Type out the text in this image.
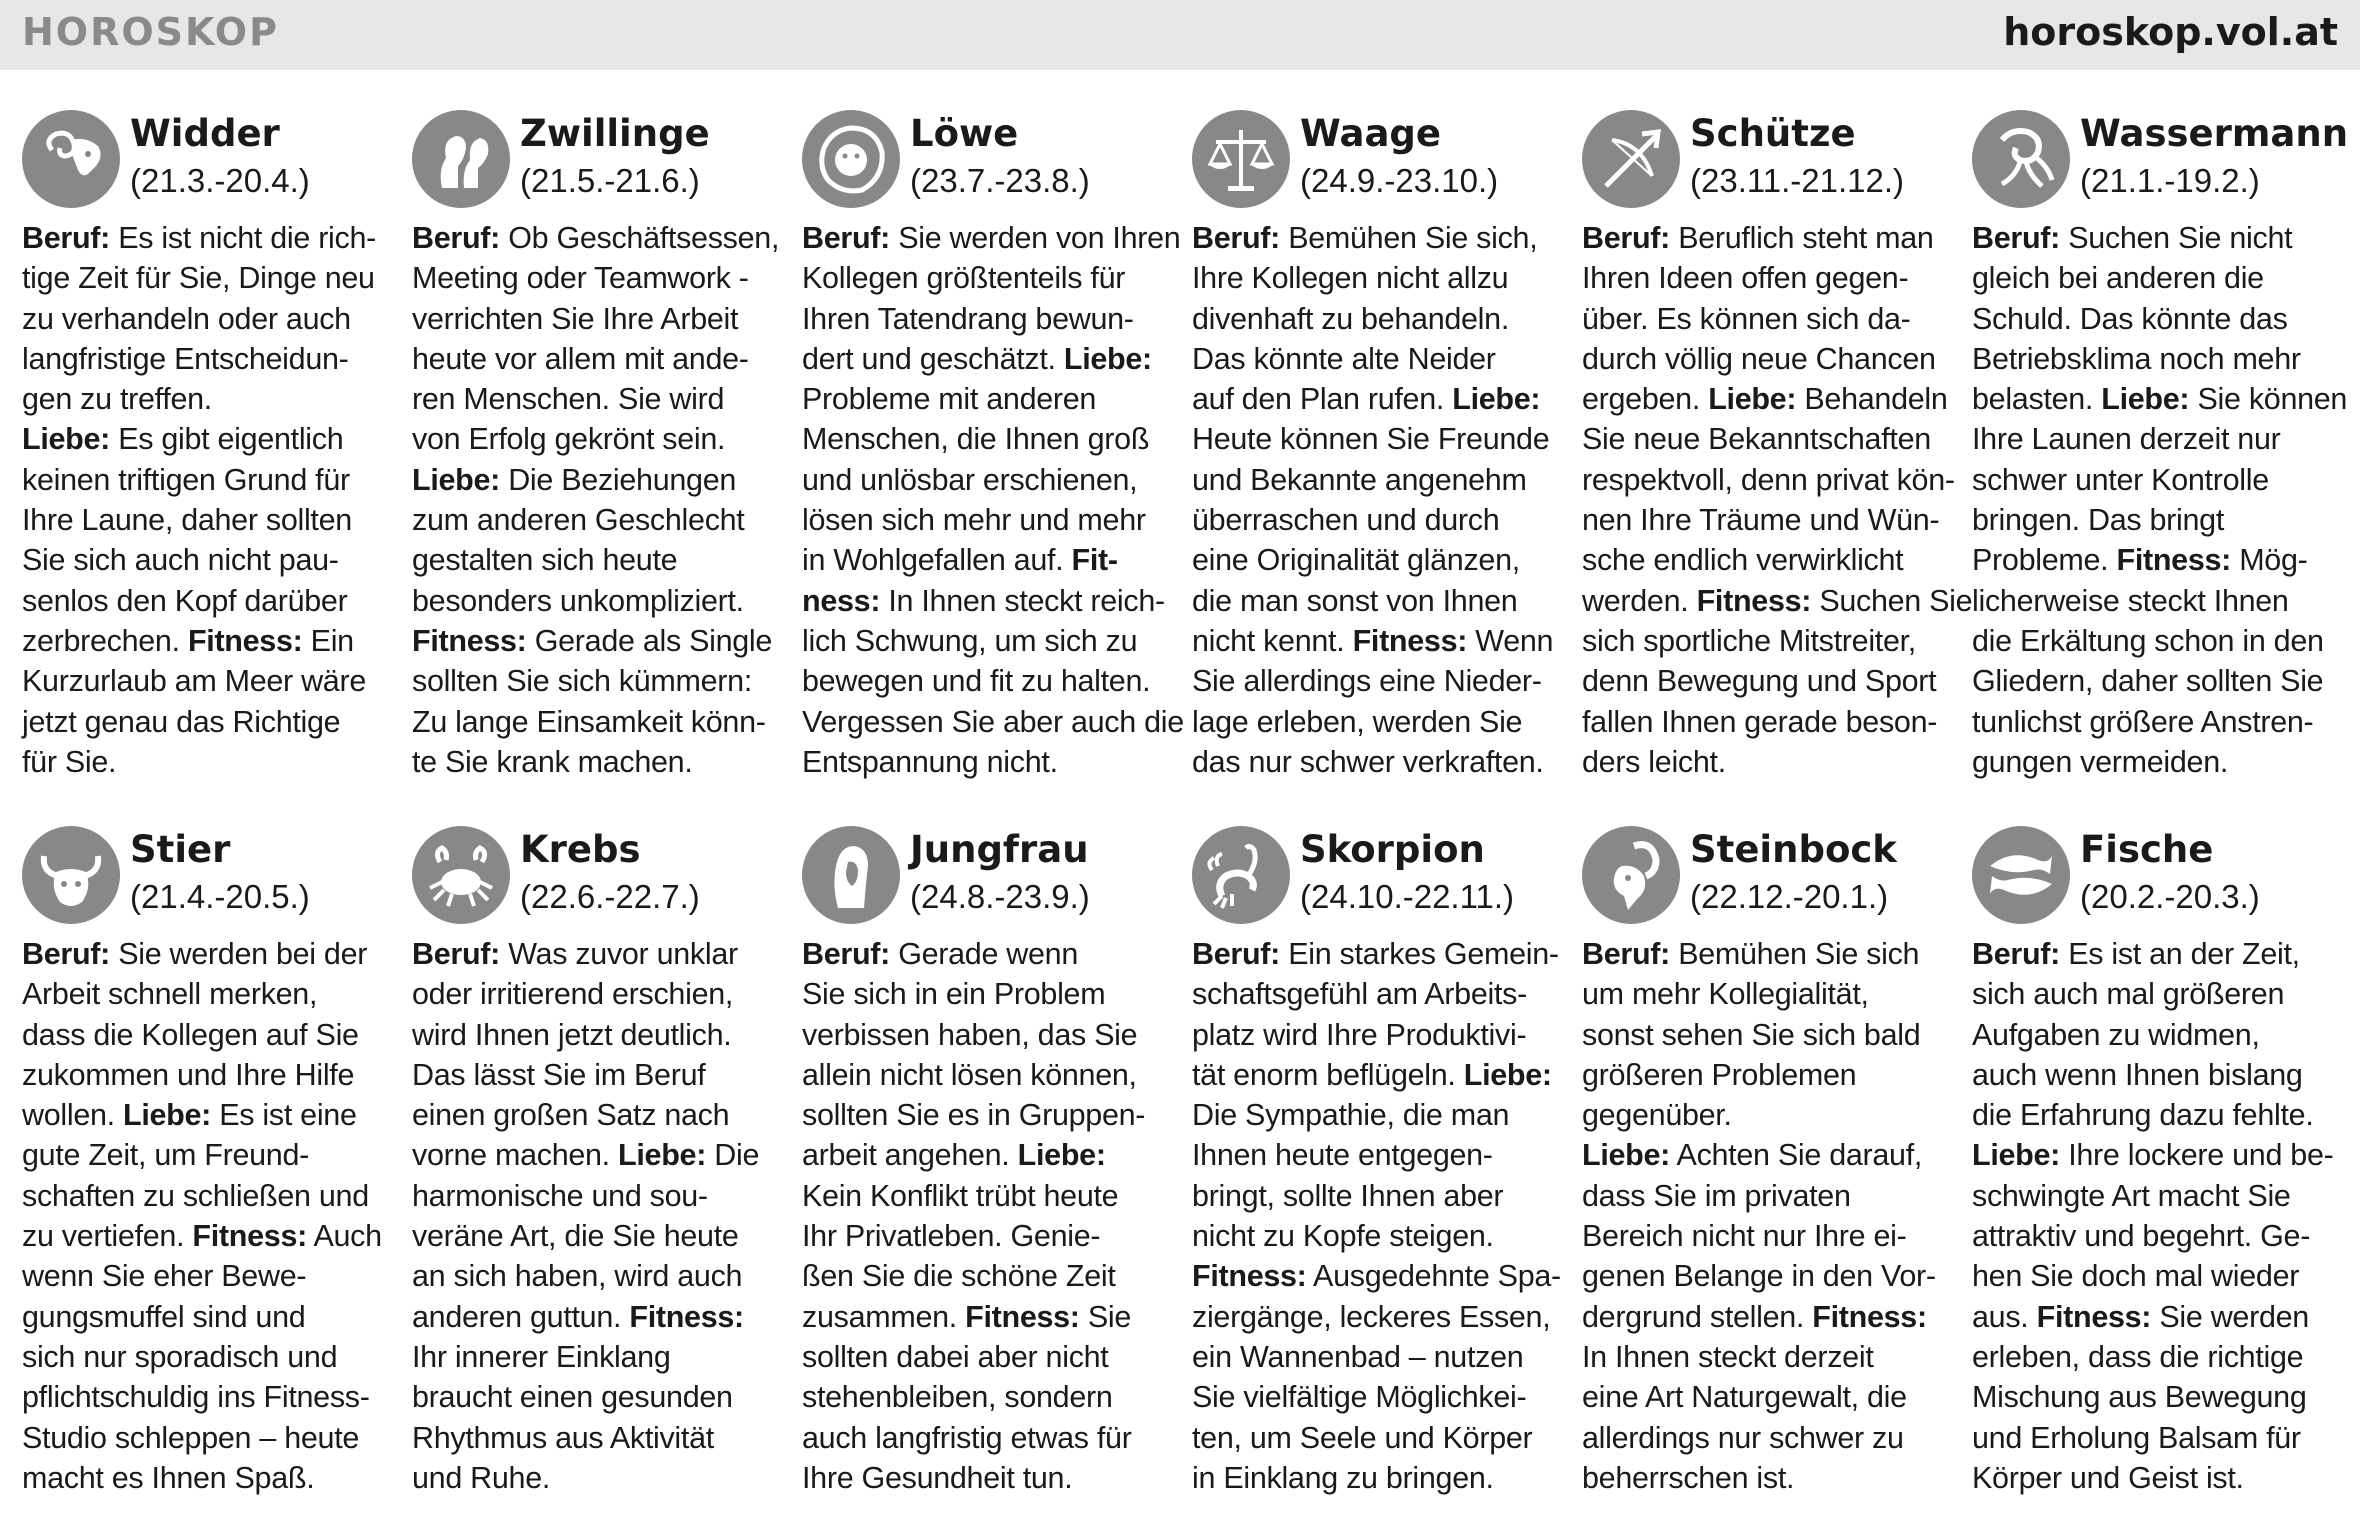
HOROSKOP	horoskop.vol.at
Widder
(21.3.-20.4.)
Beruf: Es ist nicht die rich-
tige Zeit für Sie, Dinge neu
zu verhandeln oder auch
langfristige Entscheidun-
gen zu treffen.
Liebe: Es gibt eigentlich
keinen triftigen Grund für
Ihre Laune, daher sollten
Sie sich auch nicht pau-
senlos den Kopf darüber
zerbrechen. Fitness: Ein
Kurzurlaub am Meer wäre
jetzt genau das Richtige
für Sie.
Zwillinge
(21.5.-21.6.)
Beruf: Ob Geschäftsessen,
Meeting oder Teamwork -
verrichten Sie Ihre Arbeit
heute vor allem mit ande-
ren Menschen. Sie wird
von Erfolg gekrönt sein.
Liebe: Die Beziehungen
zum anderen Geschlecht
gestalten sich heute
besonders unkompliziert.
Fitness: Gerade als Single
sollten Sie sich kümmern:
Zu lange Einsamkeit könn-
te Sie krank machen.
Löwe
(23.7.-23.8.)
Beruf: Sie werden von Ihren
Kollegen größtenteils für
Ihren Tatendrang bewun-
dert und geschätzt. Liebe:
Probleme mit anderen
Menschen, die Ihnen groß
und unlösbar erschienen,
lösen sich mehr und mehr
in Wohlgefallen auf. Fit-
ness: In Ihnen steckt reich-
lich Schwung, um sich zu
bewegen und fit zu halten.
Vergessen Sie aber auch die
Entspannung nicht.
Waage
(24.9.-23.10.)
Beruf: Bemühen Sie sich,
Ihre Kollegen nicht allzu
divenhaft zu behandeln.
Das könnte alte Neider
auf den Plan rufen. Liebe:
Heute können Sie Freunde
und Bekannte angenehm
überraschen und durch
eine Originalität glänzen,
die man sonst von Ihnen
nicht kennt. Fitness: Wenn
Sie allerdings eine Nieder-
lage erleben, werden Sie
das nur schwer verkraften.
Schütze
(23.11.-21.12.)
Beruf: Beruflich steht man
Ihren Ideen offen gegen-
über. Es können sich da-
durch völlig neue Chancen
ergeben. Liebe: Behandeln
Sie neue Bekanntschaften
respektvoll, denn privat kön-
nen Ihre Träume und Wün-
sche endlich verwirklicht
werden. Fitness: Suchen Sie
sich sportliche Mitstreiter,
denn Bewegung und Sport
fallen Ihnen gerade beson-
ders leicht.
Wassermann
(21.1.-19.2.)
Beruf: Suchen Sie nicht
gleich bei anderen die
Schuld. Das könnte das
Betriebsklima noch mehr
belasten. Liebe: Sie können
Ihre Launen derzeit nur
schwer unter Kontrolle
bringen. Das bringt
Probleme. Fitness: Mög-
licherweise steckt Ihnen
die Erkältung schon in den
Gliedern, daher sollten Sie
tunlichst größere Anstren-
gungen vermeiden.
Stier
(21.4.-20.5.)
Beruf: Sie werden bei der
Arbeit schnell merken,
dass die Kollegen auf Sie
zukommen und Ihre Hilfe
wollen. Liebe: Es ist eine
gute Zeit, um Freund-
schaften zu schließen und
zu vertiefen. Fitness: Auch
wenn Sie eher Bewe-
gungsmuffel sind und
sich nur sporadisch und
pflichtschuldig ins Fitness-
Studio schleppen – heute
macht es Ihnen Spaß.
Krebs
(22.6.-22.7.)
Beruf: Was zuvor unklar
oder irritierend erschien,
wird Ihnen jetzt deutlich.
Das lässt Sie im Beruf
einen großen Satz nach
vorne machen. Liebe: Die
harmonische und sou-
veräne Art, die Sie heute
an sich haben, wird auch
anderen guttun. Fitness:
Ihr innerer Einklang
braucht einen gesunden
Rhythmus aus Aktivität
und Ruhe.
Jungfrau
(24.8.-23.9.)
Beruf: Gerade wenn
Sie sich in ein Problem
verbissen haben, das Sie
allein nicht lösen können,
sollten Sie es in Gruppen-
arbeit angehen. Liebe:
Kein Konflikt trübt heute
Ihr Privatleben. Genie-
ßen Sie die schöne Zeit
zusammen. Fitness: Sie
sollten dabei aber nicht
stehenbleiben, sondern
auch langfristig etwas für
Ihre Gesundheit tun.
Skorpion
(24.10.-22.11.)
Beruf: Ein starkes Gemein-
schaftsgefühl am Arbeits-
platz wird Ihre Produktivi-
tät enorm beflügeln. Liebe:
Die Sympathie, die man
Ihnen heute entgegen-
bringt, sollte Ihnen aber
nicht zu Kopfe steigen.
Fitness: Ausgedehnte Spa-
ziergänge, leckeres Essen,
ein Wannenbad – nutzen
Sie vielfältige Möglichkei-
ten, um Seele und Körper
in Einklang zu bringen.
Steinbock
(22.12.-20.1.)
Beruf: Bemühen Sie sich
um mehr Kollegialität,
sonst sehen Sie sich bald
größeren Problemen
gegenüber.
Liebe: Achten Sie darauf,
dass Sie im privaten
Bereich nicht nur Ihre ei-
genen Belange in den Vor-
dergrund stellen. Fitness:
In Ihnen steckt derzeit
eine Art Naturgewalt, die
allerdings nur schwer zu
beherrschen ist.
Fische
(20.2.-20.3.)
Beruf: Es ist an der Zeit,
sich auch mal größeren
Aufgaben zu widmen,
auch wenn Ihnen bislang
die Erfahrung dazu fehlte.
Liebe: Ihre lockere und be-
schwingte Art macht Sie
attraktiv und begehrt. Ge-
hen Sie doch mal wieder
aus. Fitness: Sie werden
erleben, dass die richtige
Mischung aus Bewegung
und Erholung Balsam für
Körper und Geist ist.
